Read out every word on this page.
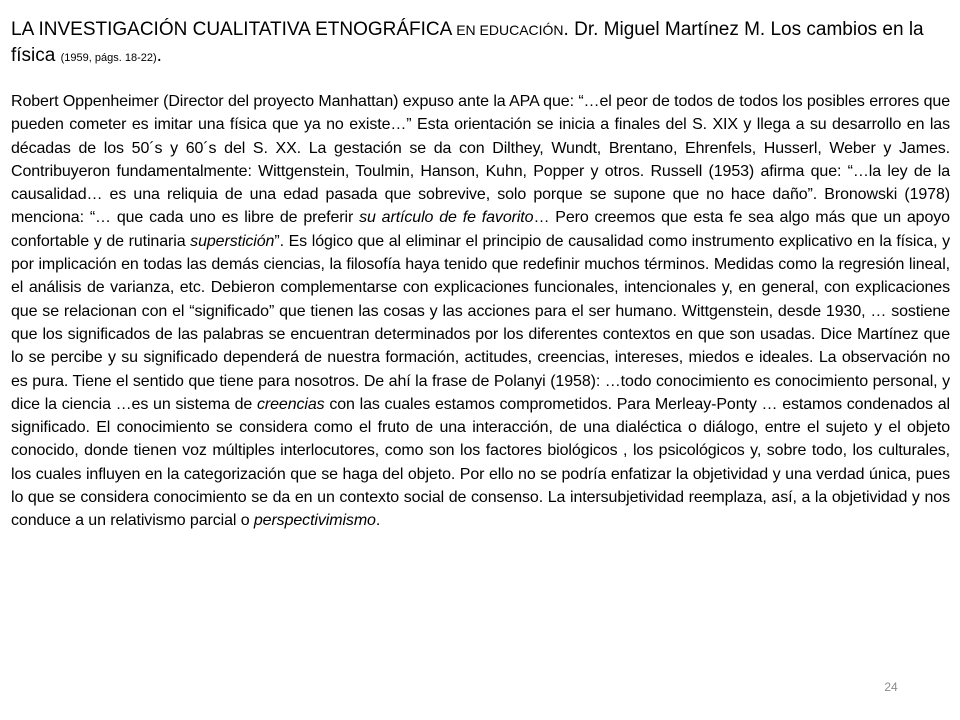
LA INVESTIGACIÓN CUALITATIVA ETNOGRÁFICA EN EDUCACIÓN. Dr. Miguel Martínez M. Los cambios en la física (1959, págs. 18-22).

Robert Oppenheimer (Director del proyecto Manhattan) expuso ante la APA que: “…el peor de todos de todos los posibles errores que pueden cometer es imitar una física que ya no existe…” Esta orientación se inicia a finales del S. XIX y llega a su desarrollo en las décadas de los 50´s y 60´s del S. XX. La gestación se da con Dilthey, Wundt, Brentano, Ehrenfels, Husserl, Weber y James. Contribuyeron fundamentalmente: Wittgenstein, Toulmin, Hanson, Kuhn, Popper y otros. Russell (1953) afirma que: “…la ley de la causalidad… es una reliquia de una edad pasada que sobrevive, solo porque se supone que no hace daño”. Bronowski (1978) menciona: “… que cada uno es libre de preferir su artículo de fe favorito… Pero creemos que esta fe sea algo más que un apoyo confortable y de rutinaria superstición”. Es lógico que al eliminar el principio de causalidad como instrumento explicativo en la física, y por implicación en todas las demás ciencias, la filosofía haya tenido que redefinir muchos términos. Medidas como la regresión lineal, el análisis de varianza, etc. Debieron complementarse con explicaciones funcionales, intencionales y, en general, con explicaciones que se relacionan con el “significado” que tienen las cosas y las acciones para el ser humano. Wittgenstein, desde 1930, … sostiene que los significados de las palabras se encuentran determinados por los diferentes contextos en que son usadas. Dice Martínez que lo se percibe y su significado dependerá de nuestra formación, actitudes, creencias, intereses, miedos e ideales. La observación no es pura. Tiene el sentido que tiene para nosotros. De ahí la frase de Polanyi (1958): …todo conocimiento es conocimiento personal, y dice la ciencia …es un sistema de creencias con las cuales estamos comprometidos. Para Merleay-Ponty … estamos condenados al significado. El conocimiento se considera como el fruto de una interacción, de una dialéctica o diálogo, entre el sujeto y el objeto conocido, donde tienen voz múltiples interlocutores, como son los factores biológicos , los psicológicos y, sobre todo, los culturales, los cuales influyen en la categorización que se haga del objeto. Por ello no se podría enfatizar la objetividad y una verdad única, pues lo que se considera conocimiento se da en un contexto social de consenso. La intersubjetividad reemplaza, así, a la objetividad y nos conduce a un relativismo parcial o perspectivimismo.

24
